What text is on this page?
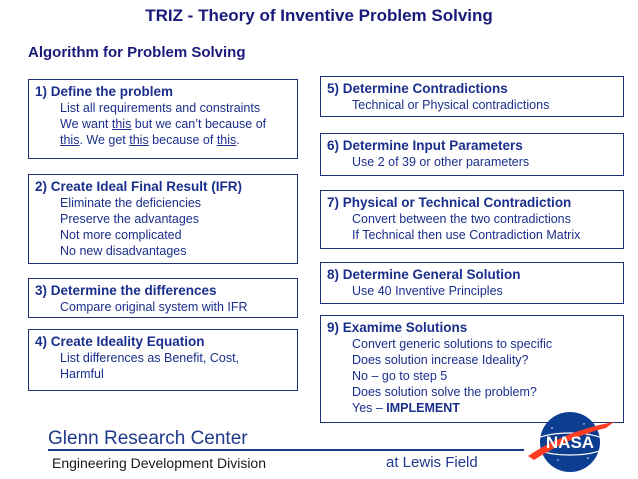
TRIZ - Theory of Inventive Problem Solving
Algorithm for Problem Solving
1) Define the problem
List all requirements and constraints
We want this but we can’t because of
this. We get this because of this.
2) Create Ideal Final Result (IFR)
Eliminate the deficiencies
Preserve the advantages
Not more complicated
No new disadvantages
3) Determine the differences
Compare original system with IFR
4) Create Ideality Equation
List differences as Benefit, Cost,
Harmful
5) Determine Contradictions
Technical or Physical contradictions
6) Determine Input Parameters
Use 2 of 39 or other parameters
7) Physical or Technical Contradiction
Convert between the two contradictions
If Technical then use Contradiction Matrix
8) Determine General Solution
Use 40 Inventive Principles
9) Examime Solutions
Convert generic solutions to specific
Does solution increase Ideality?
No – go to step 5
Does solution solve the problem?
Yes – IMPLEMENT
Glenn Research Center
Engineering Development Division	at Lewis Field
NASA
